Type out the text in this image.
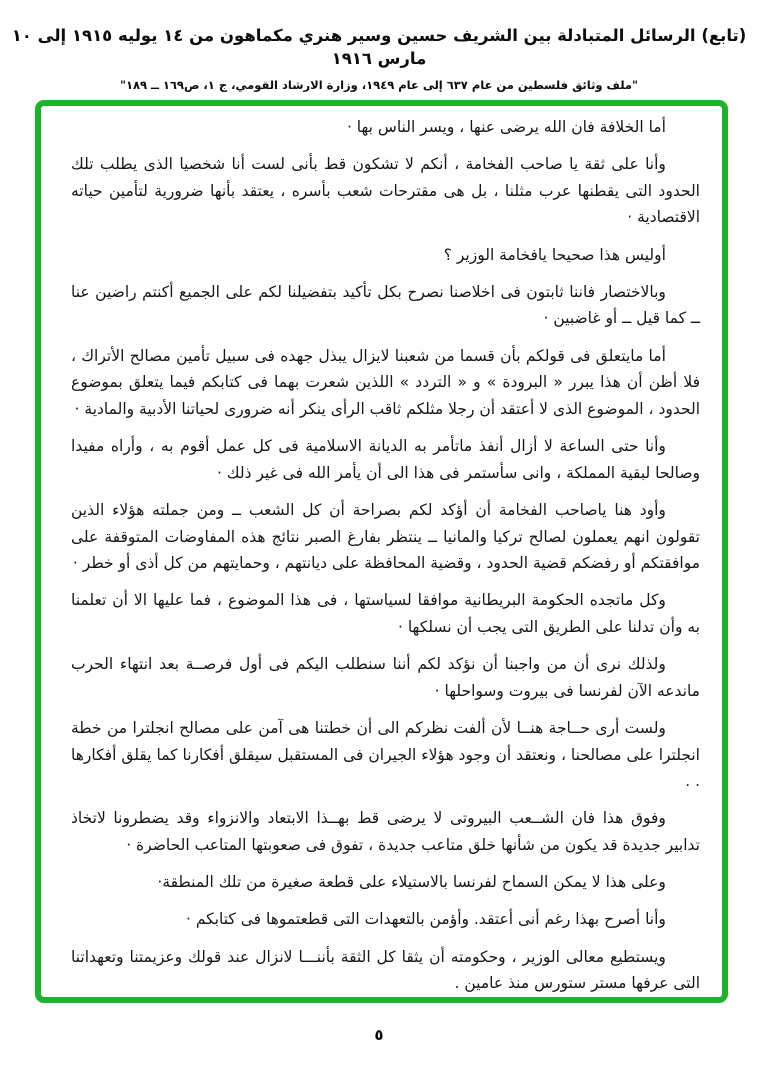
(تابع) الرسائل المتبادلة بين الشريف حسين وسير هنري مكماهون من ١٤ يوليه ١٩١٥ إلى ١٠ مارس ١٩١٦
"ملف وثائق فلسطين من عام ٦٣٧ إلى عام ١٩٤٩، وزارة الارشاد القومي، ج ١، ص١٦٩ ــ ١٨٩"

أما الخلافة فان الله يرضى عنها ، ويسر الناس بها ·

وأنا على ثقة يا صاحب الفخامة ، أنكم لا تشكون قط بأنى لست أنا شخصيا الذى يطلب تلك الحدود التى يقطنها عرب مثلنا ، بل هى مقترحات شعب بأسره ، يعتقد بأنها ضرورية لتأمين حياته الاقتصادية ·

أوليس هذا صحيحا يافخامة الوزير ؟

وبالاختصار فاننا ثابتون فى اخلاصنا نصرح بكل تأكيد بتفضيلنا لكم على الجميع أكنتم راضين عنا ــ كما قيل ــ أو غاضبين ·

أما مايتعلق فى قولكم بأن قسما من شعبنا لايزال يبذل جهده فى سبيل تأمين مصالح الأتراك ، فلا أظن أن هذا يبرر « البرودة » و « التردد » اللذين شعرت بهما فى كتابكم فيما يتعلق بموضوع الحدود ، الموضوع الذى لا أعتقد أن رجلا مثلكم ثاقب الرأى ينكر أنه ضرورى لحياتنا الأدبية والمادية ·

وأنا حتى الساعة لا أزال أنفذ ماتأمر به الديانة الاسلامية فى كل عمل أقوم به ، وأراه مفيدا وصالحا لبقية المملكة ، وانى سأستمر فى هذا الى أن يأمر الله فى غير ذلك ·

وأود هنا ياصاحب الفخامة أن أؤكد لكم بصراحة أن كل الشعب ــ ومن جملته هؤلاء الذين تقولون انهم يعملون لصالح تركيا والمانيا ــ ينتظر بفارغ الصبر نتائج هذه المفاوضات المتوقفة على موافقتكم أو رفضكم قضية الحدود ، وقضية المحافظة على ديانتهم ، وحمايتهم من كل أذى أو خطر ·

وكل ماتجده الحكومة البريطانية موافقا لسياستها ، فى هذا الموضوع ، فما عليها الا أن تعلمنا به وأن تدلنا على الطريق التى يجب أن نسلكها ·

ولذلك نرى أن من واجبنا أن نؤكد لكم أننا سنطلب اليكم فى أول فرصــة بعد انتهاء الحرب ماندعه الآن لفرنسا فى بيروت وسواحلها ·

ولست أرى حــاجة هنــا لأن ألفت نظركم الى أن خطتنا هى آمن على مصالح انجلترا من خطة انجلترا على مصالحنا ، ونعتقد أن وجود هؤلاء الجيران فى المستقبل سيقلق أفكارنا كما يقلق أفكارها . .

وفوق هذا فان الشــعب البيروتى لا يرضى قط بهــذا الابتعاد والانزواء وقد يضطرونا لاتخاذ تدابير جديدة قد يكون من شأنها خلق متاعب جديدة ، تفوق فى صعوبتها المتاعب الحاضرة ·

وعلى هذا لا يمكن السماح لفرنسا بالاستيلاء على قطعة صغيرة من تلك المنطقة·

وأنا أصرح بهذا رغم أنى أعتقد. وأؤمن بالتعهدات التى قطعتموها فى كتابكم ·

ويستطيع معالى الوزير ، وحكومته أن يثقا كل الثقة بأننـــا لانزال عند قولك وعزيمتنا وتعهداتنا التى عرفها مستر ستورس منذ عامين .

٥
